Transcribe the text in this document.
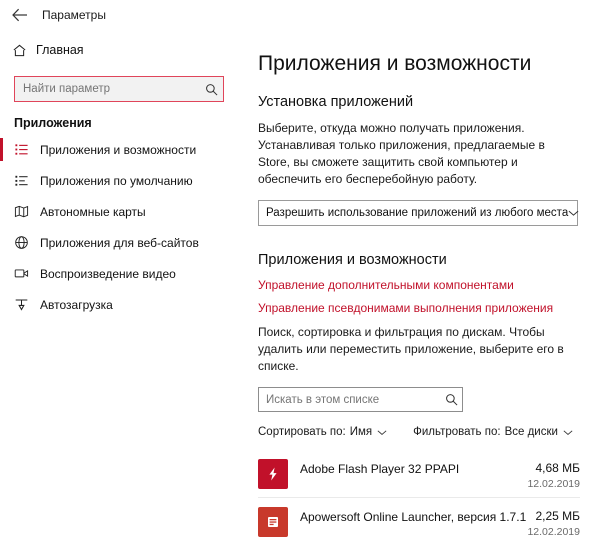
Параметры
Главная
Найти параметр
Приложения
Приложения и возможности
Приложения по умолчанию
Автономные карты
Приложения для веб-сайтов
Воспроизведение видео
Автозагрузка
Приложения и возможности
Установка приложений

Выберите, откуда можно получать приложения. Устанавливая только приложения, предлагаемые в Store, вы сможете защитить свой компьютер и обеспечить его бесперебойную работу.

Разрешить использование приложений из любого места
Приложения и возможности
Управление дополнительными компонентами
Управление псевдонимами выполнения приложения

Поиск, сортировка и фильтрация по дискам. Чтобы удалить или переместить приложение, выберите его в списке.

Искать в этом списке
Сортировать по: Имя	Фильтровать по: Все диски
Adobe Flash Player 32 PPAPI	4,68 МБ
12.02.2019
Apowersoft Online Launcher, версия 1.7.1 2,25 МБ
12.02.2019
